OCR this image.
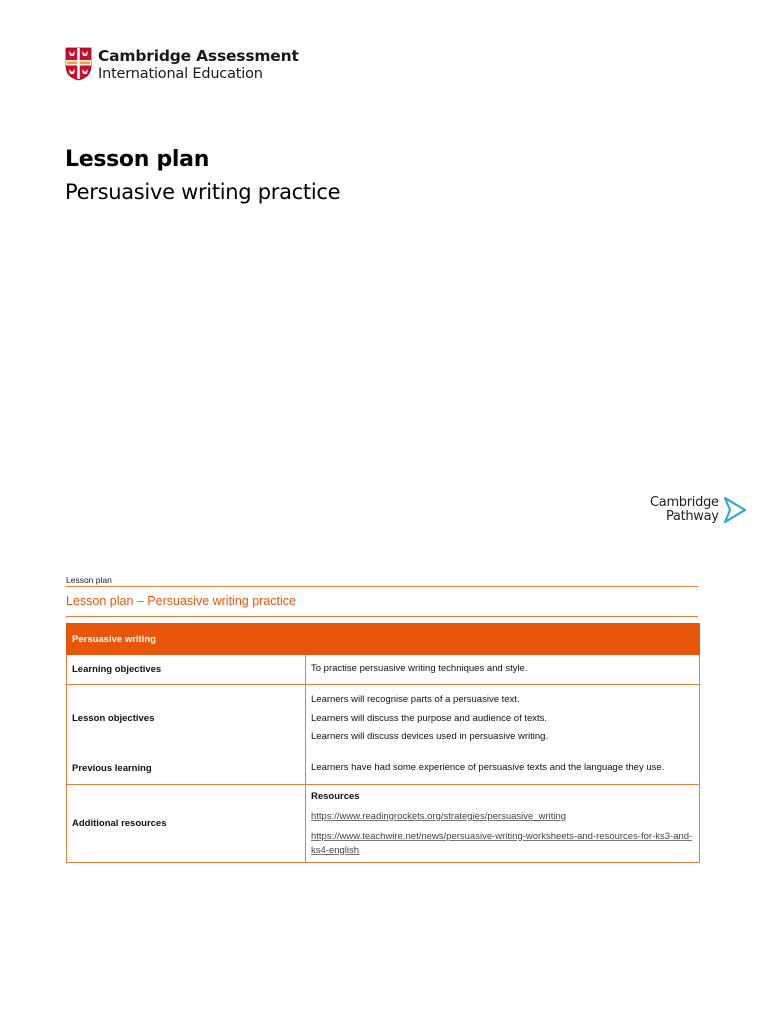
Cambridge Assessment
International Education
Lesson plan
Persuasive writing practice
Cambridge
Pathway
Lesson plan
Lesson plan – Persuasive writing practice
Persuasive writing	
Learning objectives	To practise persuasive writing techniques and style.

Lesson objectives	Learners will recognise parts of a persuasive text.

Learners will discuss the purpose and audience of texts.

Learners will discuss devices used in persuasive writing.

Previous learning	Learners have had some experience of persuasive texts and the language they use.

Additional resources	Resources

https://www.readingrockets.org/strategies/persuasive_writing

https://www.teachwire.net/news/persuasive-writing-worksheets-and-resources-for-ks3-and-ks4-english
